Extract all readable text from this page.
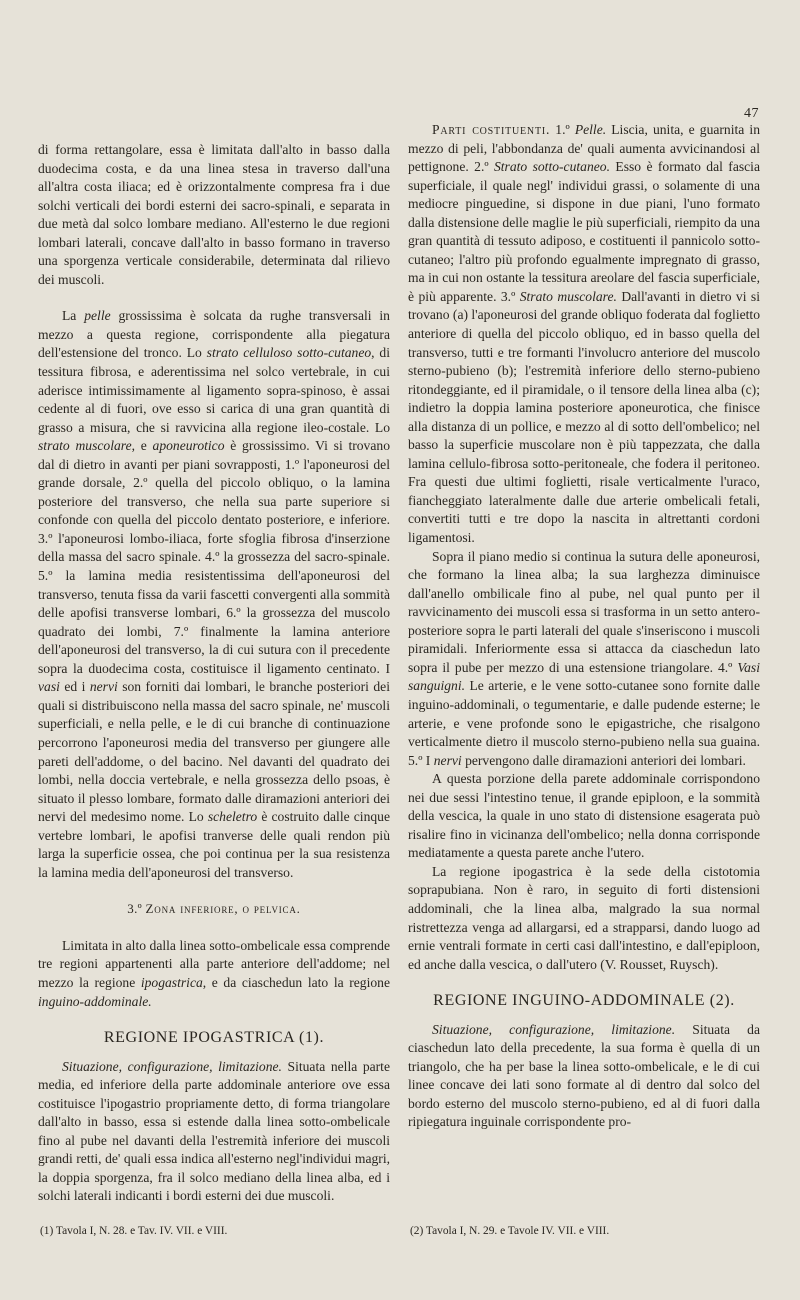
47

di forma rettangolare, essa è limitata dall'alto in basso dalla duodecima costa, e da una linea stesa in traverso dall'una all'altra costa iliaca; ed è orizzontalmente compresa fra i due solchi verticali dei bordi esterni dei sacro-spinali, e separata in due metà dal solco lombare mediano. All'esterno le due regioni lombari laterali, concave dall'alto in basso formano in traverso una sporgenza verticale considerabile, determinata dal rilievo dei muscoli.

La pelle grossissima è solcata da rughe transversali in mezzo a questa regione, corrispondente alla piegatura dell'estensione del tronco. Lo strato celluloso sotto-cutaneo, di tessitura fibrosa, e aderentissima nel solco vertebrale, in cui aderisce intimissimamente al ligamento sopra-spinoso, è assai cedente al di fuori, ove esso si carica di una gran quantità di grasso a misura, che si ravvicina alla regione ileo-costale. Lo strato muscolare, e aponeurotico è grossissimo. Vi si trovano dal di dietro in avanti per piani sovrapposti, 1.º l'aponeurosi del grande dorsale, 2.º quella del piccolo obliquo, o la lamina posteriore del transverso, che nella sua parte superiore si confonde con quella del piccolo dentato posteriore, e inferiore. 3.º l'aponeurosi lombo-iliaca, forte sfoglia fibrosa d'inserzione della massa del sacro spinale. 4.º la grossezza del sacro-spinale. 5.º la lamina media resistentissima dell'aponeurosi del transverso, tenuta fissa da varii fascetti convergenti alla sommità delle apofisi transverse lombari, 6.º la grossezza del muscolo quadrato dei lombi, 7.º finalmente la lamina anteriore dell'aponeurosi del transverso, la di cui sutura con il precedente sopra la duodecima costa, costituisce il ligamento centinato. I vasi ed i nervi son forniti dai lombari, le branche posteriori dei quali si distribuiscono nella massa del sacro spinale, ne' muscoli superficiali, e nella pelle, e le di cui branche di continuazione percorrono l'aponeurosi media del transverso per giungere alle pareti dell'addome, o del bacino. Nel davanti del quadrato dei lombi, nella doccia vertebrale, e nella grossezza dello psoas, è situato il plesso lombare, formato dalle diramazioni anteriori dei nervi del medesimo nome. Lo scheletro è costruito dalle cinque vertebre lombari, le apofisi tranverse delle quali rendon più larga la superficie ossea, che poi continua per la sua resistenza la lamina media dell'aponeurosi del transverso.

3.º Zona inferiore, o pelvica.

Limitata in alto dalla linea sotto-ombelicale essa comprende tre regioni appartenenti alla parte anteriore dell'addome; nel mezzo la regione ipogastrica, e da ciaschedun lato la regione inguino-addominale.

REGIONE IPOGASTRICA (1).

Situazione, configurazione, limitazione. Situata nella parte media, ed inferiore della parte addominale anteriore ove essa costituisce l'ipogastrio propriamente detto, di forma triangolare dall'alto in basso, essa si estende dalla linea sotto-ombelicale fino al pube nel davanti della l'estremità inferiore dei muscoli grandi retti, de' quali essa indica all'esterno negl'individui magri, la doppia sporgenza, fra il solco mediano della linea alba, ed i solchi laterali indicanti i bordi esterni dei due muscoli.

(1) Tavola I, N. 28. e Tav. IV. VII. e VIII.

Parti costituenti. 1.º Pelle. Liscia, unita, e guarnita in mezzo di peli, l'abbondanza de' quali aumenta avvicinandosi al pettignone. 2.º Strato sotto-cutaneo. Esso è formato dal fascia superficiale, il quale negl' individui grassi, o solamente di una mediocre pinguedine, si dispone in due piani, l'uno formato dalla distensione delle maglie le più superficiali, riempito da una gran quantità di tessuto adiposo, e costituenti il pannicolo sotto-cutaneo; l'altro più profondo egualmente impregnato di grasso, ma in cui non ostante la tessitura areolare del fascia superficiale, è più apparente. 3.º Strato muscolare. Dall'avanti in dietro vi si trovano (a) l'aponeurosi del grande obliquo foderata dal foglietto anteriore di quella del piccolo obliquo, ed in basso quella del transverso, tutti e tre formanti l'involucro anteriore del muscolo sterno-pubieno (b); l'estremità inferiore dello sterno-pubieno ritondeggiante, ed il piramidale, o il tensore della linea alba (c); indietro la doppia lamina posteriore aponeurotica, che finisce alla distanza di un pollice, e mezzo al di sotto dell'ombelico; nel basso la superficie muscolare non è più tappezzata, che dalla lamina cellulo-fibrosa sotto-peritoneale, che fodera il peritoneo. Fra questi due ultimi foglietti, risale verticalmente l'uraco, fiancheggiato lateralmente dalle due arterie ombelicali fetali, convertiti tutti e tre dopo la nascita in altrettanti cordoni ligamentosi.

Sopra il piano medio si continua la sutura delle aponeurosi, che formano la linea alba; la sua larghezza diminuisce dall'anello ombilicale fino al pube, nel qual punto per il ravvicinamento dei muscoli essa si trasforma in un setto antero-posteriore sopra le parti laterali del quale s'inseriscono i muscoli piramidali. Inferiormente essa si attacca da ciaschedun lato sopra il pube per mezzo di una estensione triangolare. 4.º Vasi sanguigni. Le arterie, e le vene sotto-cutanee sono fornite dalle inguino-addominali, o tegumentarie, e dalle pudende esterne; le arterie, e vene profonde sono le epigastriche, che risalgono verticalmente dietro il muscolo sterno-pubieno nella sua guaina. 5.º I nervi pervengono dalle diramazioni anteriori dei lombari.

A questa porzione della parete addominale corrispondono nei due sessi l'intestino tenue, il grande epiploon, e la sommità della vescica, la quale in uno stato di distensione esagerata può risalire fino in vicinanza dell'ombelico; nella donna corrisponde mediatamente a questa parete anche l'utero.

La regione ipogastrica è la sede della cistotomia soprapubiana. Non è raro, in seguito di forti distensioni addominali, che la linea alba, malgrado la sua normal ristrettezza venga ad allargarsi, ed a strapparsi, dando luogo ad ernie ventrali formate in certi casi dall'intestino, e dall'epiploon, ed anche dalla vescica, o dall'utero (V. Rousset, Ruysch).

REGIONE INGUINO-ADDOMINALE (2).

Situazione, configurazione, limitazione. Situata da ciaschedun lato della precedente, la sua forma è quella di un triangolo, che ha per base la linea sotto-ombelicale, e le di cui linee concave dei lati sono formate al di dentro dal solco del bordo esterno del muscolo sterno-pubieno, ed al di fuori dalla ripiegatura inguinale corrispondente pro-

(2) Tavola I, N. 29. e Tavole IV. VII. e VIII.
